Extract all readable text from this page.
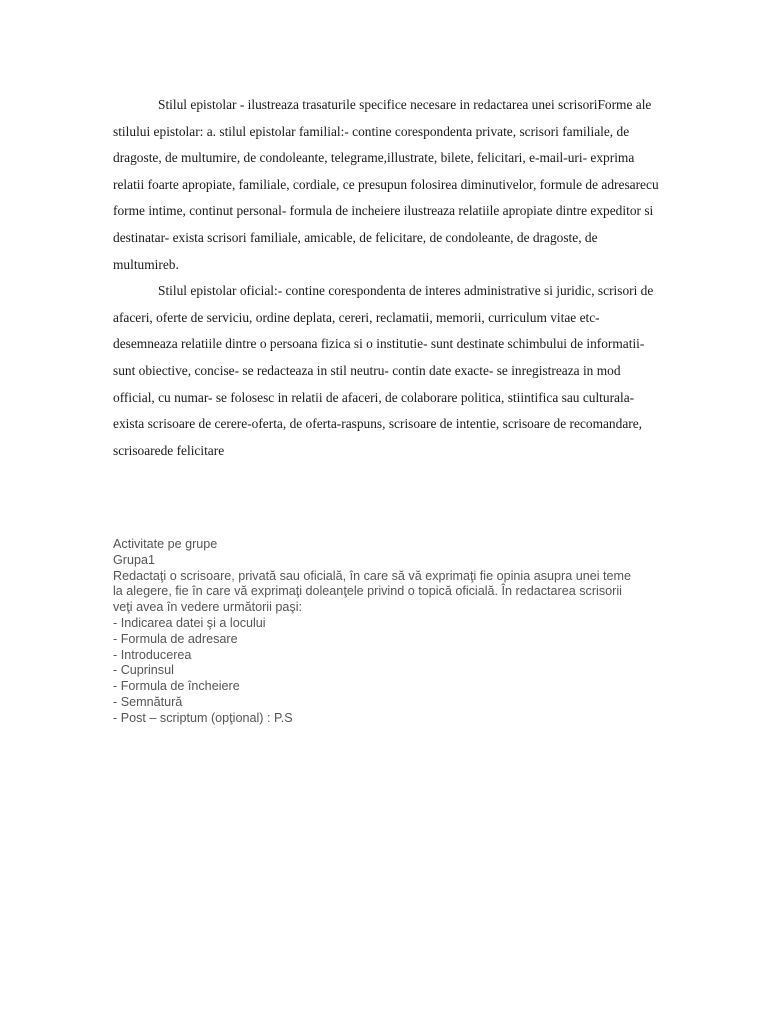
Stilul epistolar - ilustreaza trasaturile specifice necesare in redactarea unei scrisoriForme ale stilului epistolar: a. stilul epistolar familial:- contine corespondenta private, scrisori familiale, de dragoste, de multumire, de condoleante, telegrame,illustrate, bilete, felicitari, e-mail-uri- exprima relatii foarte apropiate, familiale, cordiale, ce presupun folosirea diminutivelor, formule de adresarecu forme intime, continut personal- formula de incheiere ilustreaza relatiile apropiate dintre expeditor si destinatar- exista scrisori familiale, amicable, de felicitare, de condoleante, de dragoste, de multumireb.

Stilul epistolar oficial:- contine corespondenta de interes administrative si juridic, scrisori de afaceri, oferte de serviciu, ordine deplata, cereri, reclamatii, memorii, curriculum vitae etc- desemneaza relatiile dintre o persoana fizica si o institutie- sunt destinate schimbului de informatii- sunt obiective, concise- se redacteaza in stil neutru- contin date exacte- se inregistreaza in mod official, cu numar- se folosesc in relatii de afaceri, de colaborare politica, stiintifica sau culturala- exista scrisoare de cerere-oferta, de oferta-raspuns, scrisoare de intentie, scrisoare de recomandare, scrisoarede felicitare

Activitate pe grupe
Grupa1
Redactaţi o scrisoare, privată sau oficială, în care să vă exprimaţi fie opinia asupra unei teme la alegere, fie în care vă exprimaţi doleanţele privind o topică oficială. În redactarea scrisorii veţi avea în vedere următorii paşi:
- Indicarea datei şi a locului
- Formula de adresare
- Introducerea
- Cuprinsul
- Formula de încheiere
- Semnătură
- Post – scriptum (opţional) : P.S
